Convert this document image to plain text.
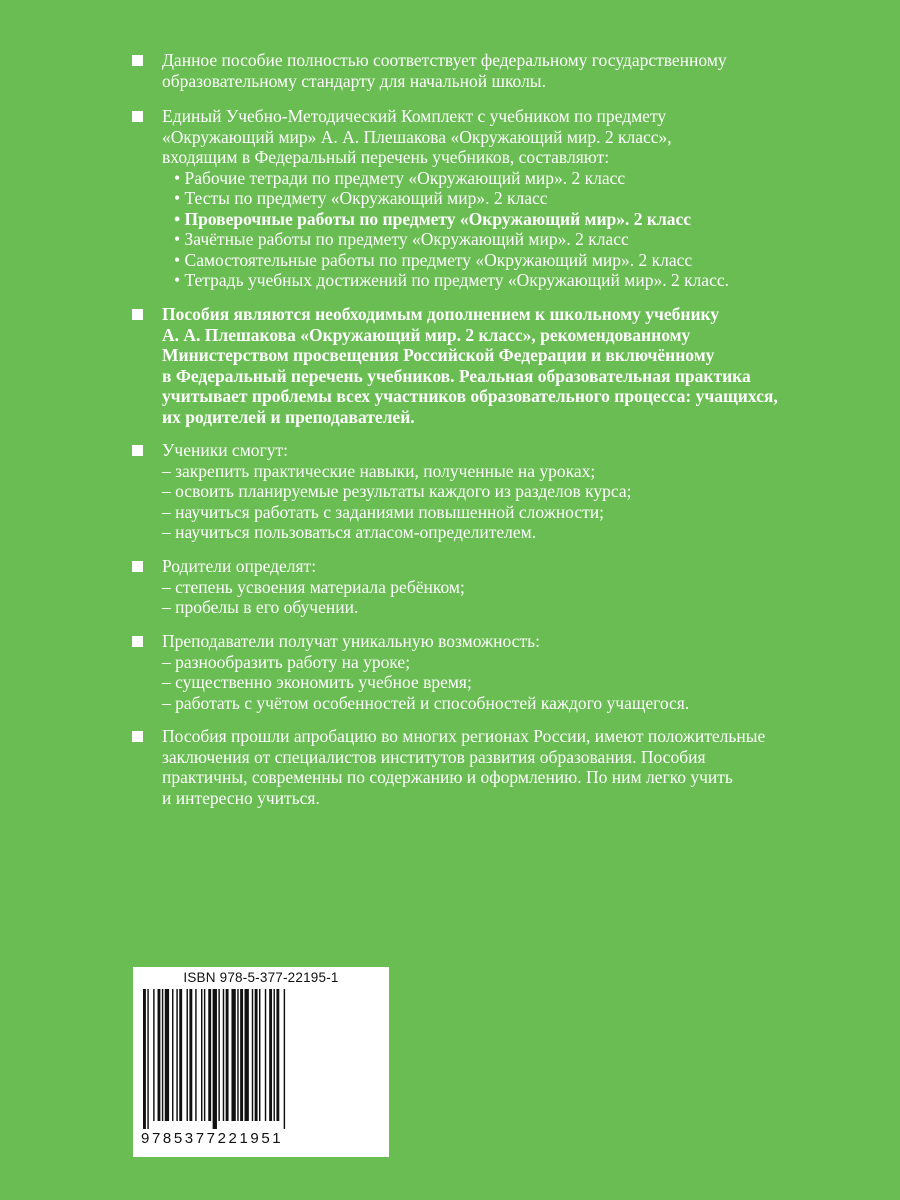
Данное пособие полностью соответствует федеральному государственному
образовательному стандарту для начальной школы.
Единый Учебно-Методический Комплект с учебником по предмету
«Окружающий мир» А. А. Плешакова «Окружающий мир. 2 класс»,
входящим в Федеральный перечень учебников, составляют:
• Рабочие тетради по предмету «Окружающий мир». 2 класс
• Тесты по предмету «Окружающий мир». 2 класс
• Проверочные работы по предмету «Окружающий мир». 2 класс
• Зачётные работы по предмету «Окружающий мир». 2 класс
• Самостоятельные работы по предмету «Окружающий мир». 2 класс
• Тетрадь учебных достижений по предмету «Окружающий мир». 2 класс.
Пособия являются необходимым дополнением к школьному учебнику
А. А. Плешакова «Окружающий мир. 2 класс», рекомендованному
Министерством просвещения Российской Федерации и включённому
в Федеральный перечень учебников. Реальная образовательная практика
учитывает проблемы всех участников образовательного процесса: учащихся,
их родителей и преподавателей.
Ученики смогут:
– закрепить практические навыки, полученные на уроках;
– освоить планируемые результаты каждого из разделов курса;
– научиться работать с заданиями повышенной сложности;
– научиться пользоваться атласом-определителем.
Родители определят:
– степень усвоения материала ребёнком;
– пробелы в его обучении.
Преподаватели получат уникальную возможность:
– разнообразить работу на уроке;
– существенно экономить учебное время;
– работать с учётом особенностей и способностей каждого учащегося.
Пособия прошли апробацию во многих регионах России, имеют положительные
заключения от специалистов институтов развития образования. Пособия
практичны, современны по содержанию и оформлению. По ним легко учить
и интересно учиться.
ISBN 978-5-377-22195-1
9785377221951
